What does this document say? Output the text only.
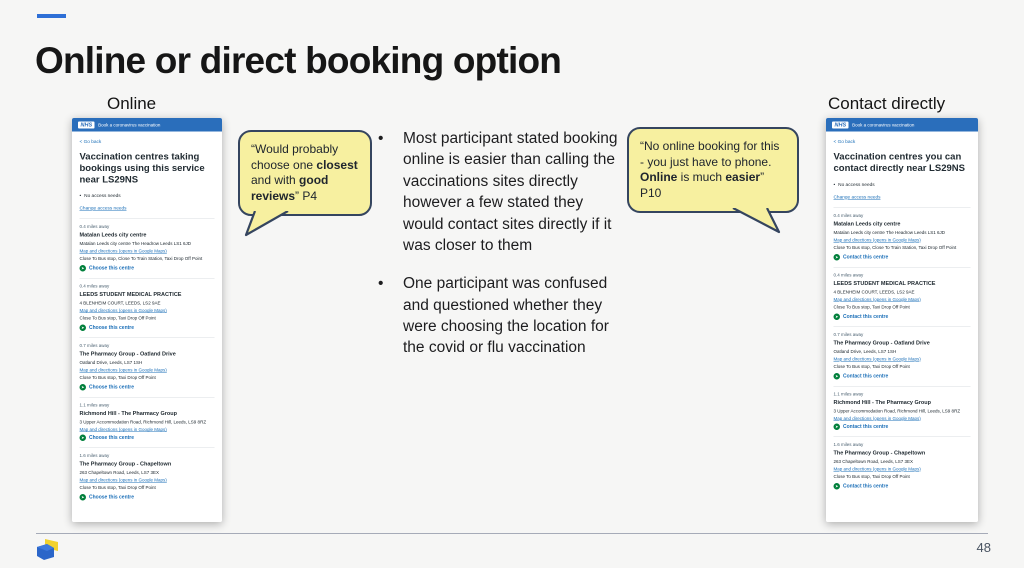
Online or direct booking option
Online	Contact directly
NHS Book a coronavirus vaccination
< Go back
Vaccination centres taking bookings using this service near LS29NS
• No access needs
Change access needs
0.4 miles away
Matalan Leeds city centre
Matalan Leeds city centre The Headrow Leeds LS1 6JD
Map and directions (opens in Google Maps)
Close To Bus stop, Close To Train Station, Taxi Drop Off Point
➤ Choose this centre
0.4 miles away
LEEDS STUDENT MEDICAL PRACTICE
4 BLENHEIM COURT, LEEDS, LS2 9AE
Map and directions (opens in Google Maps)
Close To Bus stop, Taxi Drop Off Point
➤ Choose this centre
0.7 miles away
The Pharmacy Group - Oatland Drive
Oatland Drive, Leeds, LS7 1SH
Map and directions (opens in Google Maps)
Close To Bus stop, Taxi Drop Off Point
➤ Choose this centre
1.1 miles away
Richmond Hill - The Pharmacy Group
3 Upper Accommodation Road, Richmond Hill, Leeds, LS9 8RZ
Map and directions (opens in Google Maps)
➤ Choose this centre
1.6 miles away
The Pharmacy Group - Chapeltown
263 Chapeltown Road, Leeds, LS7 3EX
Map and directions (opens in Google Maps)
Close To Bus stop, Taxi Drop Off Point
➤ Choose this centre
NHS Book a coronavirus vaccination
< Go back
Vaccination centres you can contact directly near LS29NS
• No access needs
Change access needs
0.4 miles away
Matalan Leeds city centre
Matalan Leeds city centre The Headrow Leeds LS1 6JD
Map and directions (opens in Google Maps)
Close To Bus stop, Close To Train Station, Taxi Drop Off Point
➤ Contact this centre
0.4 miles away
LEEDS STUDENT MEDICAL PRACTICE
4 BLENHEIM COURT, LEEDS, LS2 9AE
Map and directions (opens in Google Maps)
Close To Bus stop, Taxi Drop Off Point
➤ Contact this centre
0.7 miles away
The Pharmacy Group - Oatland Drive
Oatland Drive, Leeds, LS7 1SH
Map and directions (opens in Google Maps)
Close To Bus stop, Taxi Drop Off Point
➤ Contact this centre
1.1 miles away
Richmond Hill - The Pharmacy Group
3 Upper Accommodation Road, Richmond Hill, Leeds, LS9 8RZ
Map and directions (opens in Google Maps)
➤ Contact this centre
1.6 miles away
The Pharmacy Group - Chapeltown
263 Chapeltown Road, Leeds, LS7 3EX
Map and directions (opens in Google Maps)
Close To Bus stop, Taxi Drop Off Point
➤ Contact this centre
“Would probably choose one closest and with good reviews” P4
“No online booking for this - you just have to phone.  Online is much easier” P10
• Most participant stated booking online is easier than calling the vaccinations sites directly however a few stated they would contact sites directly if it was closer to them
• One participant was confused and questioned whether they were choosing the location for the covid or flu vaccination
48
